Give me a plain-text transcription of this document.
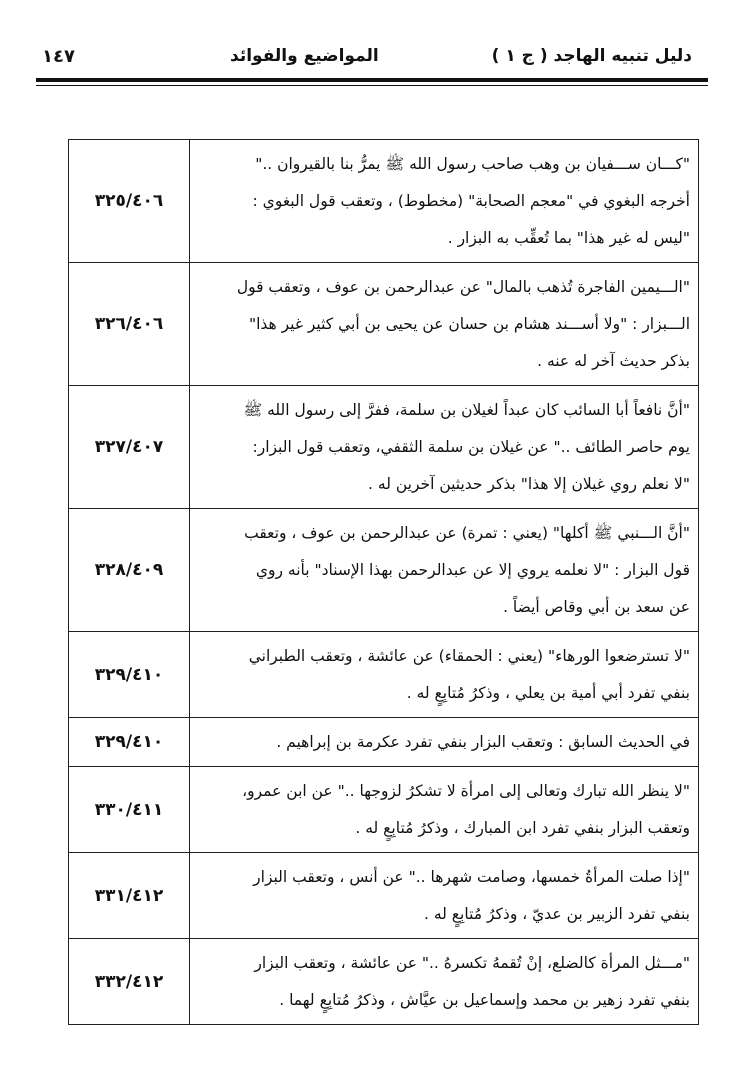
دليل تنبيه الهاجد ( ج ١ )
المواضيع والفوائد
١٤٧
"كـــان ســـفيان بن وهب صاحب رسول الله ﷺ يمرُّ بنا بالقيروان .."
أخرجه البغوي في "معجم الصحابة" (مخطوط) ، وتعقب قول البغوي :
"ليس له غير هذا" بما تُعقِّب به البزار .	٣٢٥/٤٠٦

"الـــيمين الفاجرة تُذهب بالمال" عن عبدالرحمن بن عوف ، وتعقب قول
الـــبزار : "ولا أســـند هشام بن حسان عن يحيى بن أبي كثير غير هذا"
بذكر حديث آخر له عنه .	٣٢٦/٤٠٦

"أنَّ نافعاً أبا السائب كان عبداً لغيلان بن سلمة، ففرَّ إلى رسول الله ﷺ
يوم حاصر الطائف .." عن غيلان بن سلمة الثقفي، وتعقب قول البزار:
"لا نعلم روي غيلان إلا هذا" بذكر حديثين آخرين له .	٣٢٧/٤٠٧

"أنَّ الـــنبي ﷺ أكلها" (يعني : تمرة) عن عبدالرحمن بن عوف ، وتعقب
قول البزار : "لا نعلمه يروي إلا عن عبدالرحمن بهذا الإسناد" بأنه روي
عن سعد بن أبي وقاص أيضاً .	٣٢٨/٤٠٩

"لا تسترضعوا الورهاء" (يعني : الحمقاء) عن عائشة ، وتعقب الطبراني
بنفي تفرد أبي أمية بن يعلي ، وذكرُ مُتابِعٍ له .	٣٢٩/٤١٠

في الحديث السابق : وتعقب البزار بنفي تفرد عكرمة بن إبراهيم .	٣٢٩/٤١٠

"لا ينظر الله تبارك وتعالى إلى امرأة لا تشكرُ لزوجها .." عن ابن عمرو،
وتعقب البزار بنفي تفرد ابن المبارك ، وذكرُ مُتابِعٍ له .	٣٣٠/٤١١

"إذا صلت المرأةُ خمسها، وصامت شهرها .." عن أنس ، وتعقب البزار
بنفي تفرد الزبير بن عديّ ، وذكرُ مُتابِعٍ له .	٣٣١/٤١٢

"مـــثل المرأة كالضلع، إنْ تُقمهُ تكسرهُ .." عن عائشة ، وتعقب البزار
بنفي تفرد زهير بن محمد وإسماعيل بن عيَّاش ، وذكرُ مُتابِعٍ لهما .	٣٣٢/٤١٢
